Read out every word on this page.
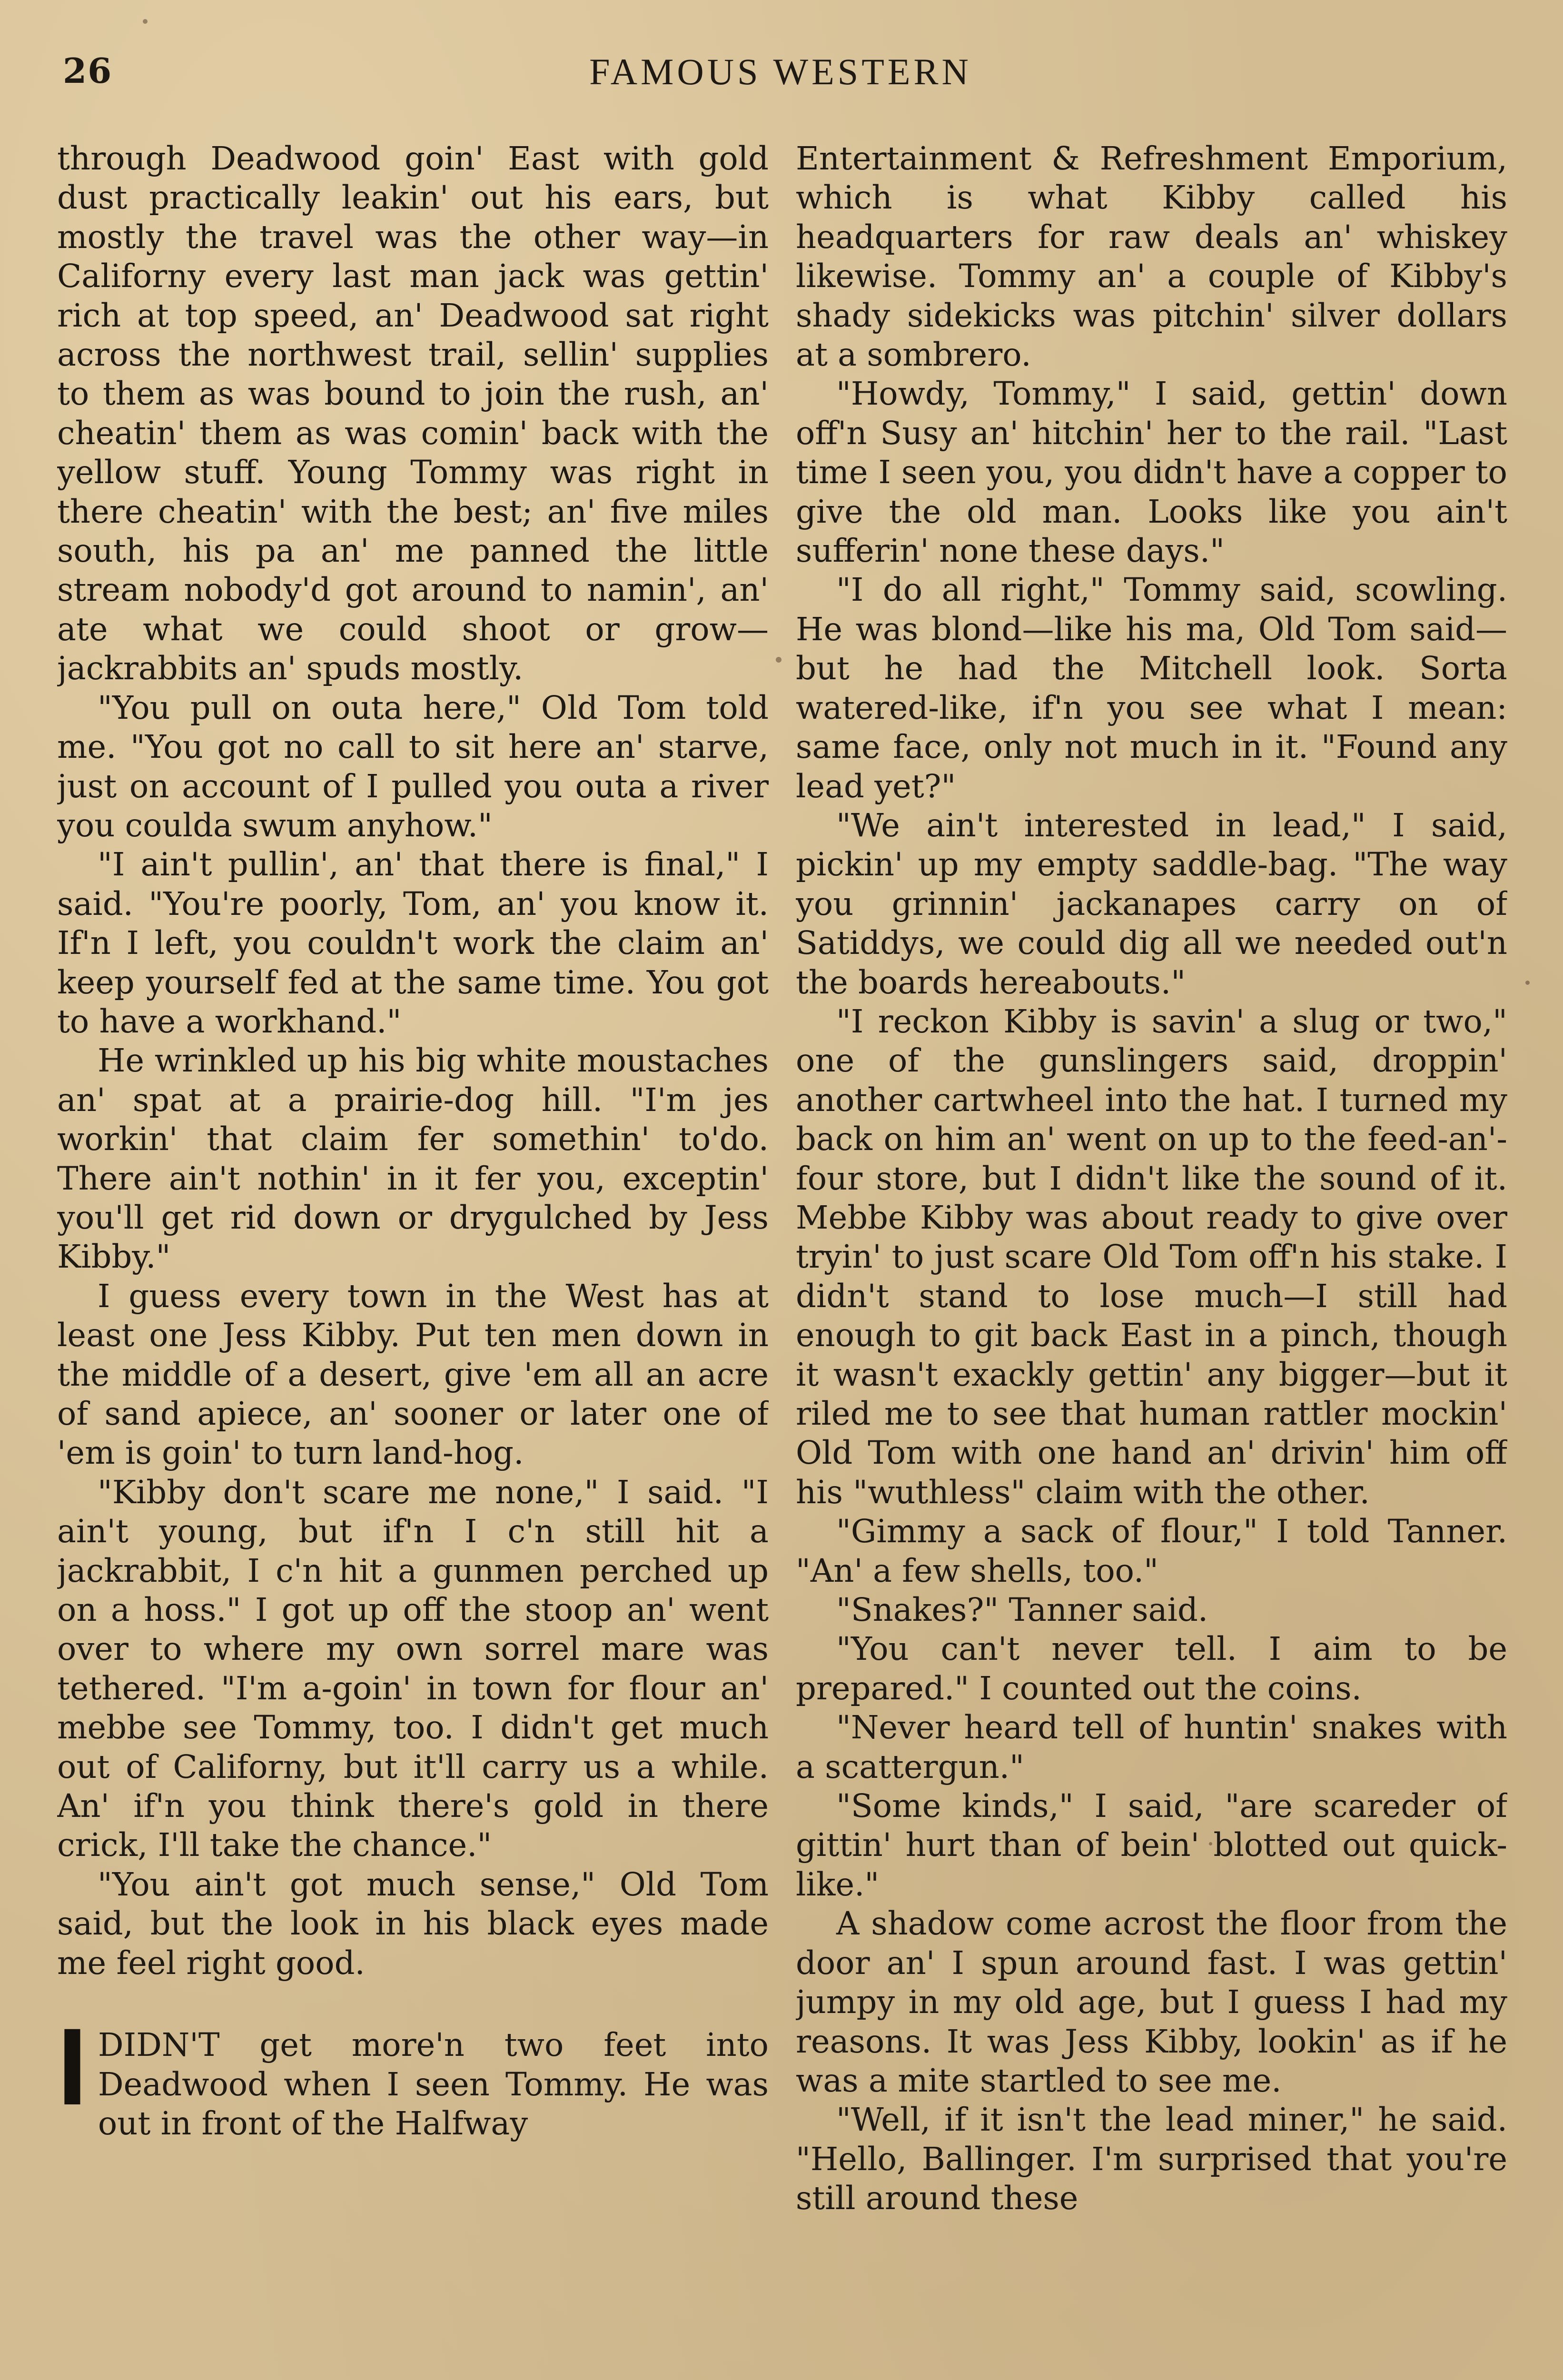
26	FAMOUS WESTERN

through Deadwood goin' East with gold dust practically leakin' out his ears, but mostly the travel was the other way—in Californy every last man jack was gettin' rich at top speed, an' Deadwood sat right across the northwest trail, sellin' supplies to them as was bound to join the rush, an' cheatin' them as was comin' back with the yellow stuff. Young Tommy was right in there cheatin' with the best; an' five miles south, his pa an' me panned the little stream nobody'd got around to namin', an' ate what we could shoot or grow—jackrabbits an' spuds mostly.

"You pull on outa here," Old Tom told me. "You got no call to sit here an' starve, just on account of I pulled you outa a river you coulda swum anyhow."

"I ain't pullin', an' that there is final," I said. "You're poorly, Tom, an' you know it. If'n I left, you couldn't work the claim an' keep yourself fed at the same time. You got to have a workhand."

He wrinkled up his big white moustaches an' spat at a prairie-dog hill. "I'm jes workin' that claim fer somethin' to'do. There ain't nothin' in it fer you, exceptin' you'll get rid down or drygulched by Jess Kibby."

I guess every town in the West has at least one Jess Kibby. Put ten men down in the middle of a desert, give 'em all an acre of sand apiece, an' sooner or later one of 'em is goin' to turn land-hog.

"Kibby don't scare me none," I said. "I ain't young, but if'n I c'n still hit a jackrabbit, I c'n hit a gunmen perched up on a hoss." I got up off the stoop an' went over to where my own sorrel mare was tethered. "I'm a-goin' in town for flour an' mebbe see Tommy, too. I didn't get much out of Californy, but it'll carry us a while. An' if'n you think there's gold in there crick, I'll take the chance."

"You ain't got much sense," Old Tom said, but the look in his black eyes made me feel right good.

IDIDN'T get more'n two feet into Deadwood when I seen Tommy. He was out in front of the Halfway

Entertainment & Refreshment Emporium, which is what Kibby called his headquarters for raw deals an' whiskey likewise. Tommy an' a couple of Kibby's shady sidekicks was pitchin' silver dollars at a sombrero.

"Howdy, Tommy," I said, gettin' down off'n Susy an' hitchin' her to the rail. "Last time I seen you, you didn't have a copper to give the old man. Looks like you ain't sufferin' none these days."

"I do all right," Tommy said, scowling. He was blond—like his ma, Old Tom said—but he had the Mitchell look. Sorta watered-like, if'n you see what I mean: same face, only not much in it. "Found any lead yet?"

"We ain't interested in lead," I said, pickin' up my empty saddle-bag. "The way you grinnin' jackanapes carry on of Satiddys, we could dig all we needed out'n the boards hereabouts."

"I reckon Kibby is savin' a slug or two," one of the gunslingers said, droppin' another cartwheel into the hat. I turned my back on him an' went on up to the feed-an'-four store, but I didn't like the sound of it. Mebbe Kibby was about ready to give over tryin' to just scare Old Tom off'n his stake. I didn't stand to lose much—I still had enough to git back East in a pinch, though it wasn't exackly gettin' any bigger—but it riled me to see that human rattler mockin' Old Tom with one hand an' drivin' him off his "wuthless" claim with the other.

"Gimmy a sack of flour," I told Tanner. "An' a few shells, too."

"Snakes?" Tanner said.

"You can't never tell. I aim to be prepared." I counted out the coins.

"Never heard tell of huntin' snakes with a scattergun."

"Some kinds," I said, "are scareder of gittin' hurt than of bein' blotted out quick-like."

A shadow come acrost the floor from the door an' I spun around fast. I was gettin' jumpy in my old age, but I guess I had my reasons. It was Jess Kibby, lookin' as if he was a mite startled to see me.

"Well, if it isn't the lead miner," he said. "Hello, Ballinger. I'm surprised that you're still around these
